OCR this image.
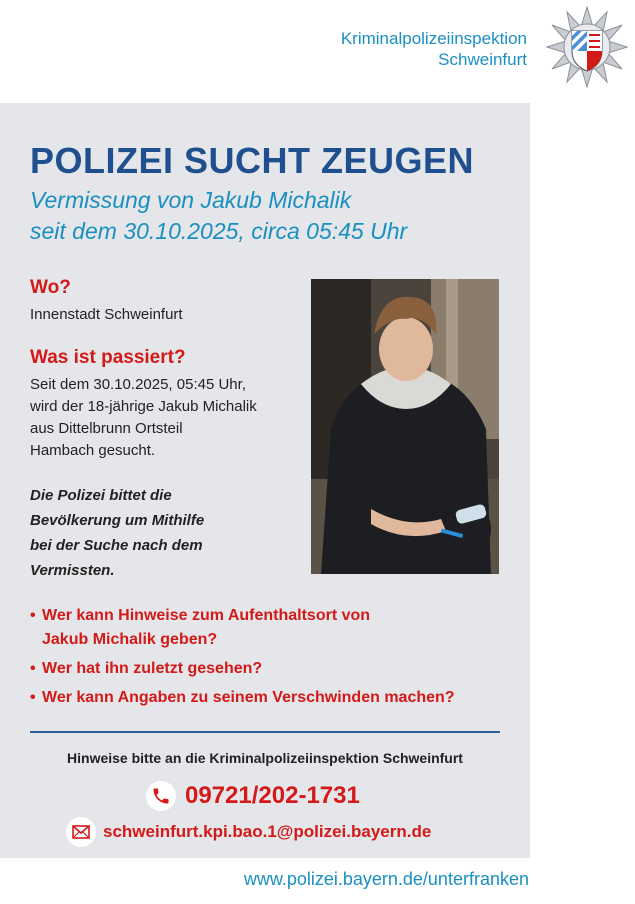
Kriminalpolizeiinspektion
Schweinfurt
POLIZEI SUCHT ZEUGEN
Vermissung von Jakub Michalik
seit dem 30.10.2025, circa 05:45 Uhr
Wo?
Innenstadt Schweinfurt
Was ist passiert?
Seit dem 30.10.2025, 05:45 Uhr,
wird der 18-jährige Jakub Michalik
aus Dittelbrunn Ortsteil
Hambach gesucht.
Die Polizei bittet die
Bevölkerung um Mithilfe
bei der Suche nach dem
Vermissten.
• Wer kann Hinweise zum Aufenthaltsort von
Jakub Michalik geben?
• Wer hat ihn zuletzt gesehen?
• Wer kann Angaben zu seinem Verschwinden machen?
Hinweise bitte an die Kriminalpolizeiinspektion Schweinfurt
09721/202-1731
schweinfurt.kpi.bao.1@polizei.bayern.de
www.polizei.bayern.de/unterfranken
